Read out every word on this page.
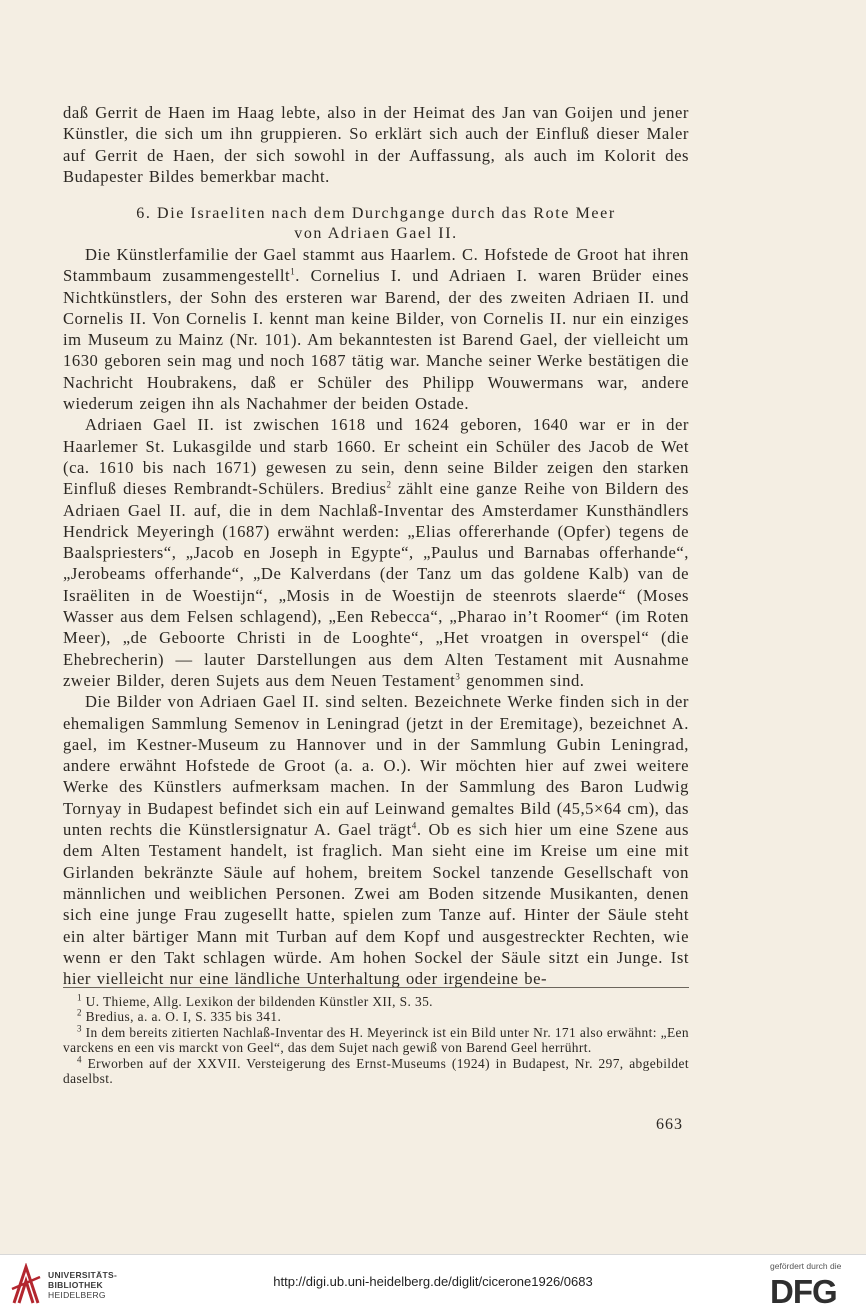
daß Gerrit de Haen im Haag lebte, also in der Heimat des Jan van Goijen und jener Künstler, die sich um ihn gruppieren. So erklärt sich auch der Einfluß dieser Maler auf Gerrit de Haen, der sich sowohl in der Auffassung, als auch im Kolorit des Budapester Bildes bemerkbar macht.

6. Die Israeliten nach dem Durchgange durch das Rote Meer
von Adriaen Gael II.

Die Künstlerfamilie der Gael stammt aus Haarlem. C. Hofstede de Groot hat ihren Stammbaum zusammengestellt$^1$. Cornelius I. und Adriaen I. waren Brüder eines Nichtkünstlers, der Sohn des ersteren war Barend, der des zweiten Adriaen II. und Cornelis II. Von Cornelis I. kennt man keine Bilder, von Cornelis II. nur ein einziges im Museum zu Mainz (Nr. 101). Am bekanntesten ist Barend Gael, der vielleicht um 1630 geboren sein mag und noch 1687 tätig war. Manche seiner Werke bestätigen die Nachricht Houbrakens, daß er Schüler des Philipp Wouwermans war, andere wiederum zeigen ihn als Nachahmer der beiden Ostade.

Adriaen Gael II. ist zwischen 1618 und 1624 geboren, 1640 war er in der Haarlemer St. Lukasgilde und starb 1660. Er scheint ein Schüler des Jacob de Wet (ca. 1610 bis nach 1671) gewesen zu sein, denn seine Bilder zeigen den starken Einfluß dieses Rembrandt-Schülers. Bredius$^2$ zählt eine ganze Reihe von Bildern des Adriaen Gael II. auf, die in dem Nachlaß-Inventar des Amsterdamer Kunsthändlers Hendrick Meyeringh (1687) erwähnt werden: „Elias offererhande (Opfer) tegens de Baalspriesters“, „Jacob en Joseph in Egypte“, „Paulus und Barnabas offerhande“, „Jerobeams offerhande“, „De Kalverdans (der Tanz um das goldene Kalb) van de Israëliten in de Woestijn“, „Mosis in de Woestijn de steenrots slaerde“ (Moses Wasser aus dem Felsen schlagend), „Een Rebecca“, „Pharao in’t Roomer“ (im Roten Meer), „de Geboorte Christi in de Looghte“, „Het vroatgen in overspel“ (die Ehebrecherin) — lauter Darstellungen aus dem Alten Testament mit Ausnahme zweier Bilder, deren Sujets aus dem Neuen Testament$^3$ genommen sind.

Die Bilder von Adriaen Gael II. sind selten. Bezeichnete Werke finden sich in der ehemaligen Sammlung Semenov in Leningrad (jetzt in der Eremitage), bezeichnet A. gael, im Kestner-Museum zu Hannover und in der Sammlung Gubin Leningrad, andere erwähnt Hofstede de Groot (a. a. O.). Wir möchten hier auf zwei weitere Werke des Künstlers aufmerksam machen. In der Sammlung des Baron Ludwig Tornyay in Budapest befindet sich ein auf Leinwand gemaltes Bild (45,5×64 cm), das unten rechts die Künstlersignatur A. Gael trägt$^4$. Ob es sich hier um eine Szene aus dem Alten Testament handelt, ist fraglich. Man sieht eine im Kreise um eine mit Girlanden bekränzte Säule auf hohem, breitem Sockel tanzende Gesellschaft von männlichen und weiblichen Personen. Zwei am Boden sitzende Musikanten, denen sich eine junge Frau zugesellt hatte, spielen zum Tanze auf. Hinter der Säule steht ein alter bärtiger Mann mit Turban auf dem Kopf und ausgestreckter Rechten, wie wenn er den Takt schlagen würde. Am hohen Sockel der Säule sitzt ein Junge. Ist hier vielleicht nur eine ländliche Unterhaltung oder irgendeine be-

$^1$ U. Thieme, Allg. Lexikon der bildenden Künstler XII, S. 35.

$^2$ Bredius, a. a. O. I, S. 335 bis 341.

$^3$ In dem bereits zitierten Nachlaß-Inventar des H. Meyerinck ist ein Bild unter Nr. 171 also erwähnt: „Een varckens en een vis marckt von Geel“, das dem Sujet nach gewiß von Barend Geel herrührt.

$^4$ Erworben auf der XXVII. Versteigerung des Ernst-Museums (1924) in Budapest, Nr. 297, abgebildet daselbst.

663
UNIVERSITÄTS-
BIBLIOTHEK
HEIDELBERG
http://digi.ub.uni-heidelberg.de/diglit/cicerone1926/0683
gefördert durch die
DFG
